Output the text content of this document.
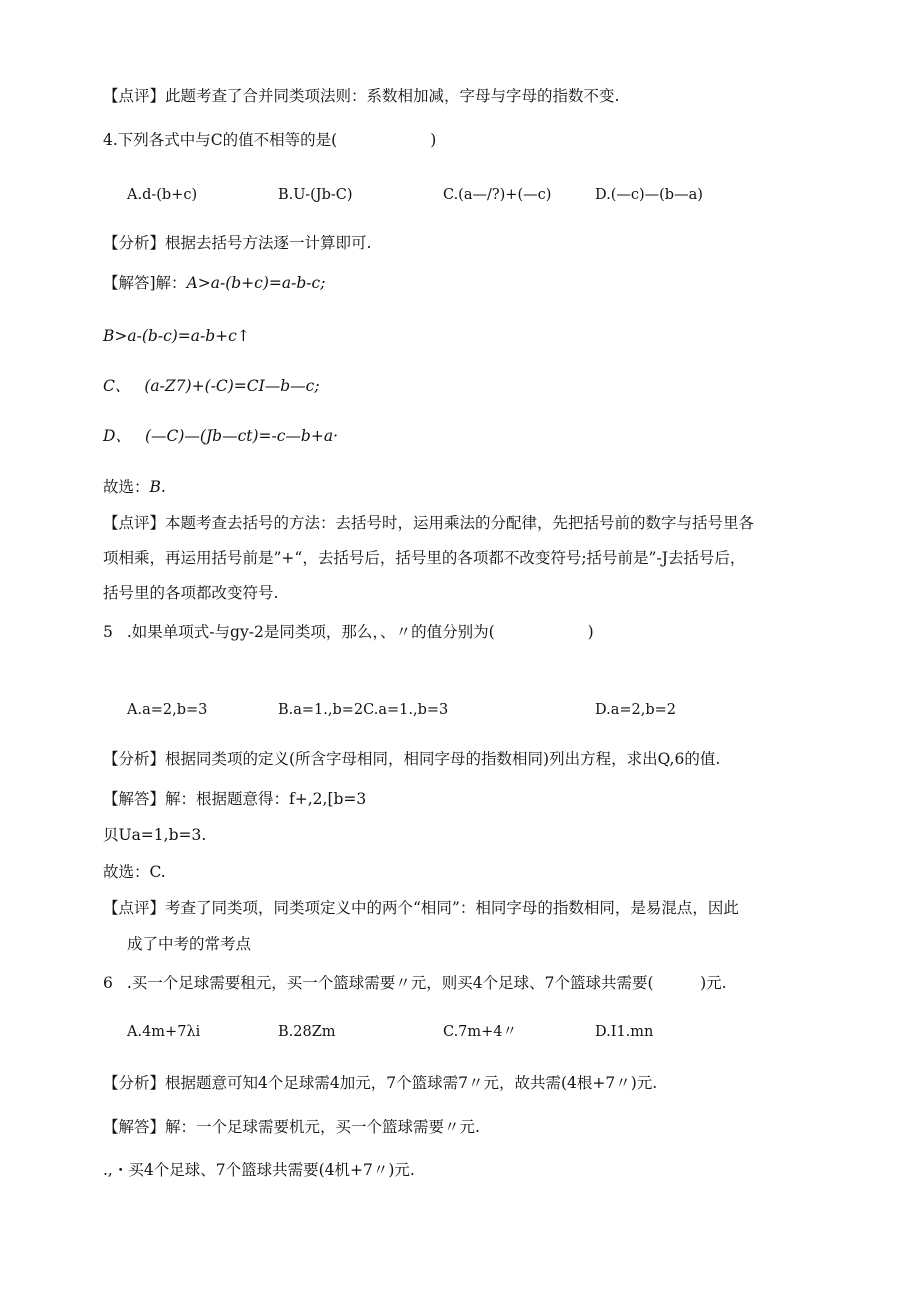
【点评】此题考查了合并同类项法则：系数相加减，字母与字母的指数不变.
4.下列各式中与C的值不相等的是(　　　　　　)
A.d-(b+c)	B.U-(Jb-C)	C.(a—/?)+(—c)	D.(—c)—(b—a)
【分析】根据去括号方法逐一计算即可.
【解答]解：A>a-(b+c)=a-b-c;
B>a-(b-c)=a-b+c↑
C、 (a-Z7)+(-C)=CI—b—c;
D、 (—C)—(Jb—ct)=-c—b+a·
故选：B.
【点评】本题考查去括号的方法：去括号时，运用乘法的分配律，先把括号前的数字与括号里各
项相乘，再运用括号前是”+“，去括号后，括号里的各项都不改变符号;括号前是”-J去括号后，
括号里的各项都改变符号.
5 .如果单项式-与gy-2是同类项，那么，、〃的值分别为(　　　　　　)
A.a=2,b=3	B.a=1.,b=2C.a=1.,b=3	D.a=2,b=2
【分析】根据同类项的定义(所含字母相同，相同字母的指数相同)列出方程，求出Q,6的值.
【解答】解：根据题意得：f+,2,[b=3
贝Ua=1,b=3.
故选：C.
【点评】考查了同类项，同类项定义中的两个“相同”：相同字母的指数相同，是易混点，因此
成了中考的常考点
6 .买一个足球需要租元，买一个篮球需要〃元，则买4个足球、7个篮球共需要(　　　)元.
A.4m+7λi	B.28Zm	C.7m+4〃	D.I1.mn
【分析】根据题意可知4个足球需4加元，7个篮球需7〃元，故共需(4根+7〃)元.
【解答】解：一个足球需要机元，买一个篮球需要〃元.
.,・买4个足球、7个篮球共需要(4机+7〃)元.
